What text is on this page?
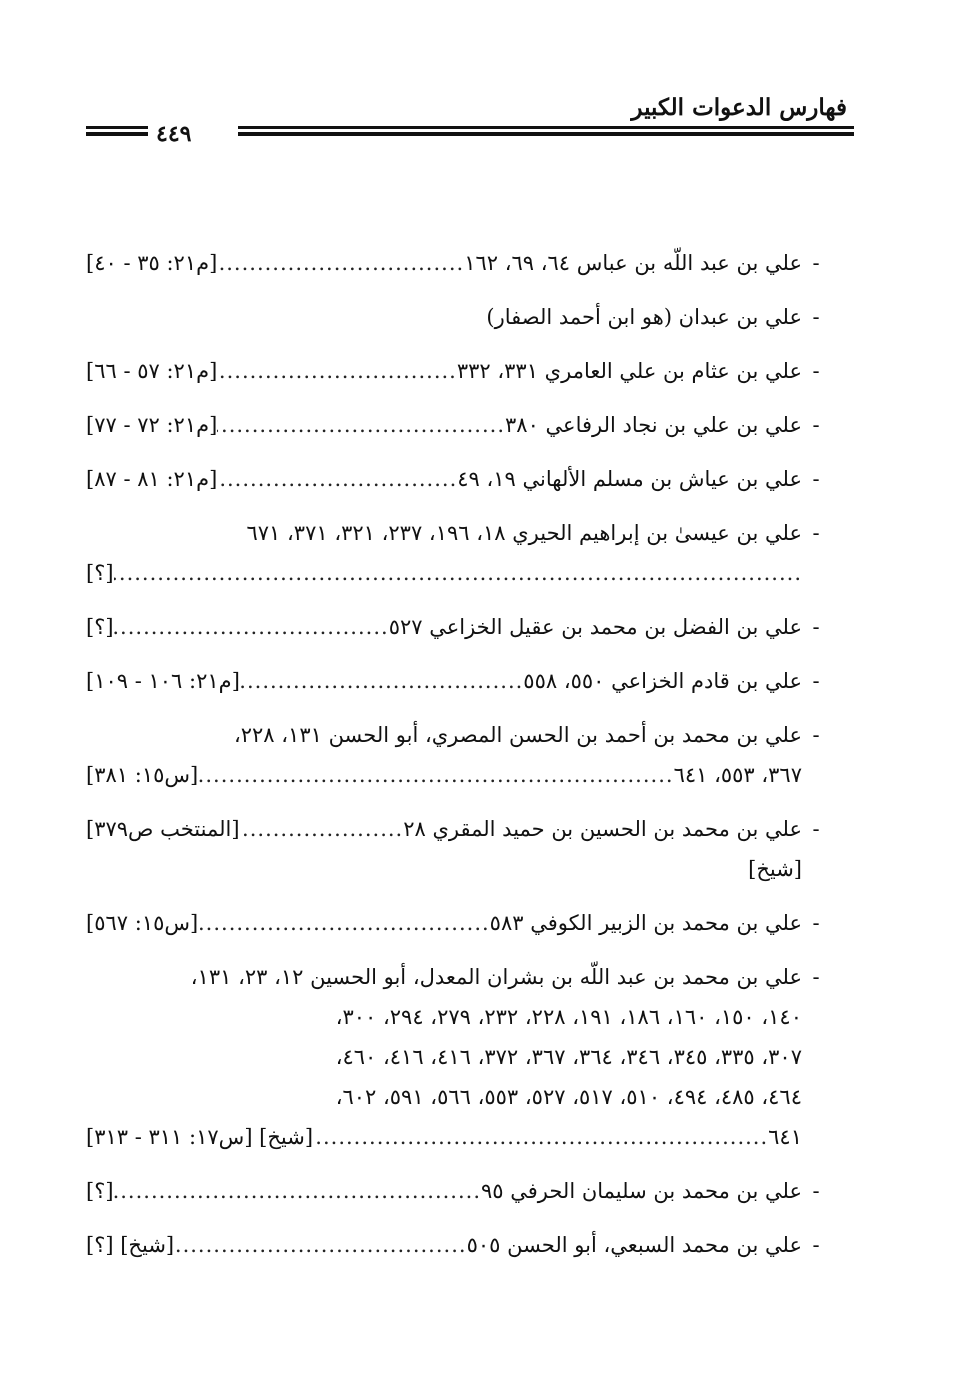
فهارس الدعوات الكبير
٤٤٩
-
علي بن عبد اللّه بن عباس ٦٤، ٦٩، ١٦٢
.....
[م٢١: ٣٥ - ٤٠]
-
علي بن عبدان (هو ابن أحمد الصفار)
-
علي بن عثام بن علي العامري ٣٣١، ٣٣٢
.....
[م٢١: ٥٧ - ٦٦]
-
علي بن علي بن نجاد الرفاعي ٣٨٠
.....
[م٢١: ٧٢ - ٧٧]
-
علي بن عياش بن مسلم الألهاني ١٩، ٤٩
.....
[م٢١: ٨١ - ٨٧]
-
علي بن عيسىٰ بن إبراهيم الحيري ١٨، ١٩٦، ٢٣٧، ٣٢١، ٣٧١، ٦٧١
.....
[؟]
-
علي بن الفضل بن محمد بن عقيل الخزاعي ٥٢٧
.....
[؟]
-
علي بن قادم الخزاعي ٥٥٠، ٥٥٨
.....
[م٢١: ١٠٦ - ١٠٩]
-
علي بن محمد بن أحمد بن الحسن المصري، أبو الحسن ١٣١، ٢٢٨،
٣٦٧، ٥٥٣، ٦٤١
.....
[س١٥: ٣٨١]
-
علي بن محمد بن الحسين بن حميد المقري ٢٨
.....
[المنتخب ص٣٧٩]
[شيخ]
-
علي بن محمد بن الزبير الكوفي ٥٨٣
.....
[س١٥: ٥٦٧]
-
علي بن محمد بن عبد اللّه بن بشران المعدل، أبو الحسين ١٢، ٢٣، ١٣١،
١٤٠، ١٥٠، ١٦٠، ١٨٦، ١٩١، ٢٢٨، ٢٣٢، ٢٧٩، ٢٩٤، ٣٠٠،
٣٠٧، ٣٣٥، ٣٤٥، ٣٤٦، ٣٦٤، ٣٦٧، ٣٧٢، ٤١٦، ٤١٦، ٤٦٠،
٤٦٤، ٤٨٥، ٤٩٤، ٥١٠، ٥١٧، ٥٢٧، ٥٥٣، ٥٦٦، ٥٩١، ٦٠٢،
٦٤١
.....
[س١٧: ٣١١ - ٣١٣] [شيخ]
-
علي بن محمد بن سليمان الحرفي ٩٥
.....
[؟]
-
علي بن محمد السبعي، أبو الحسن ٥٠٥
.....
[؟] [شيخ]
